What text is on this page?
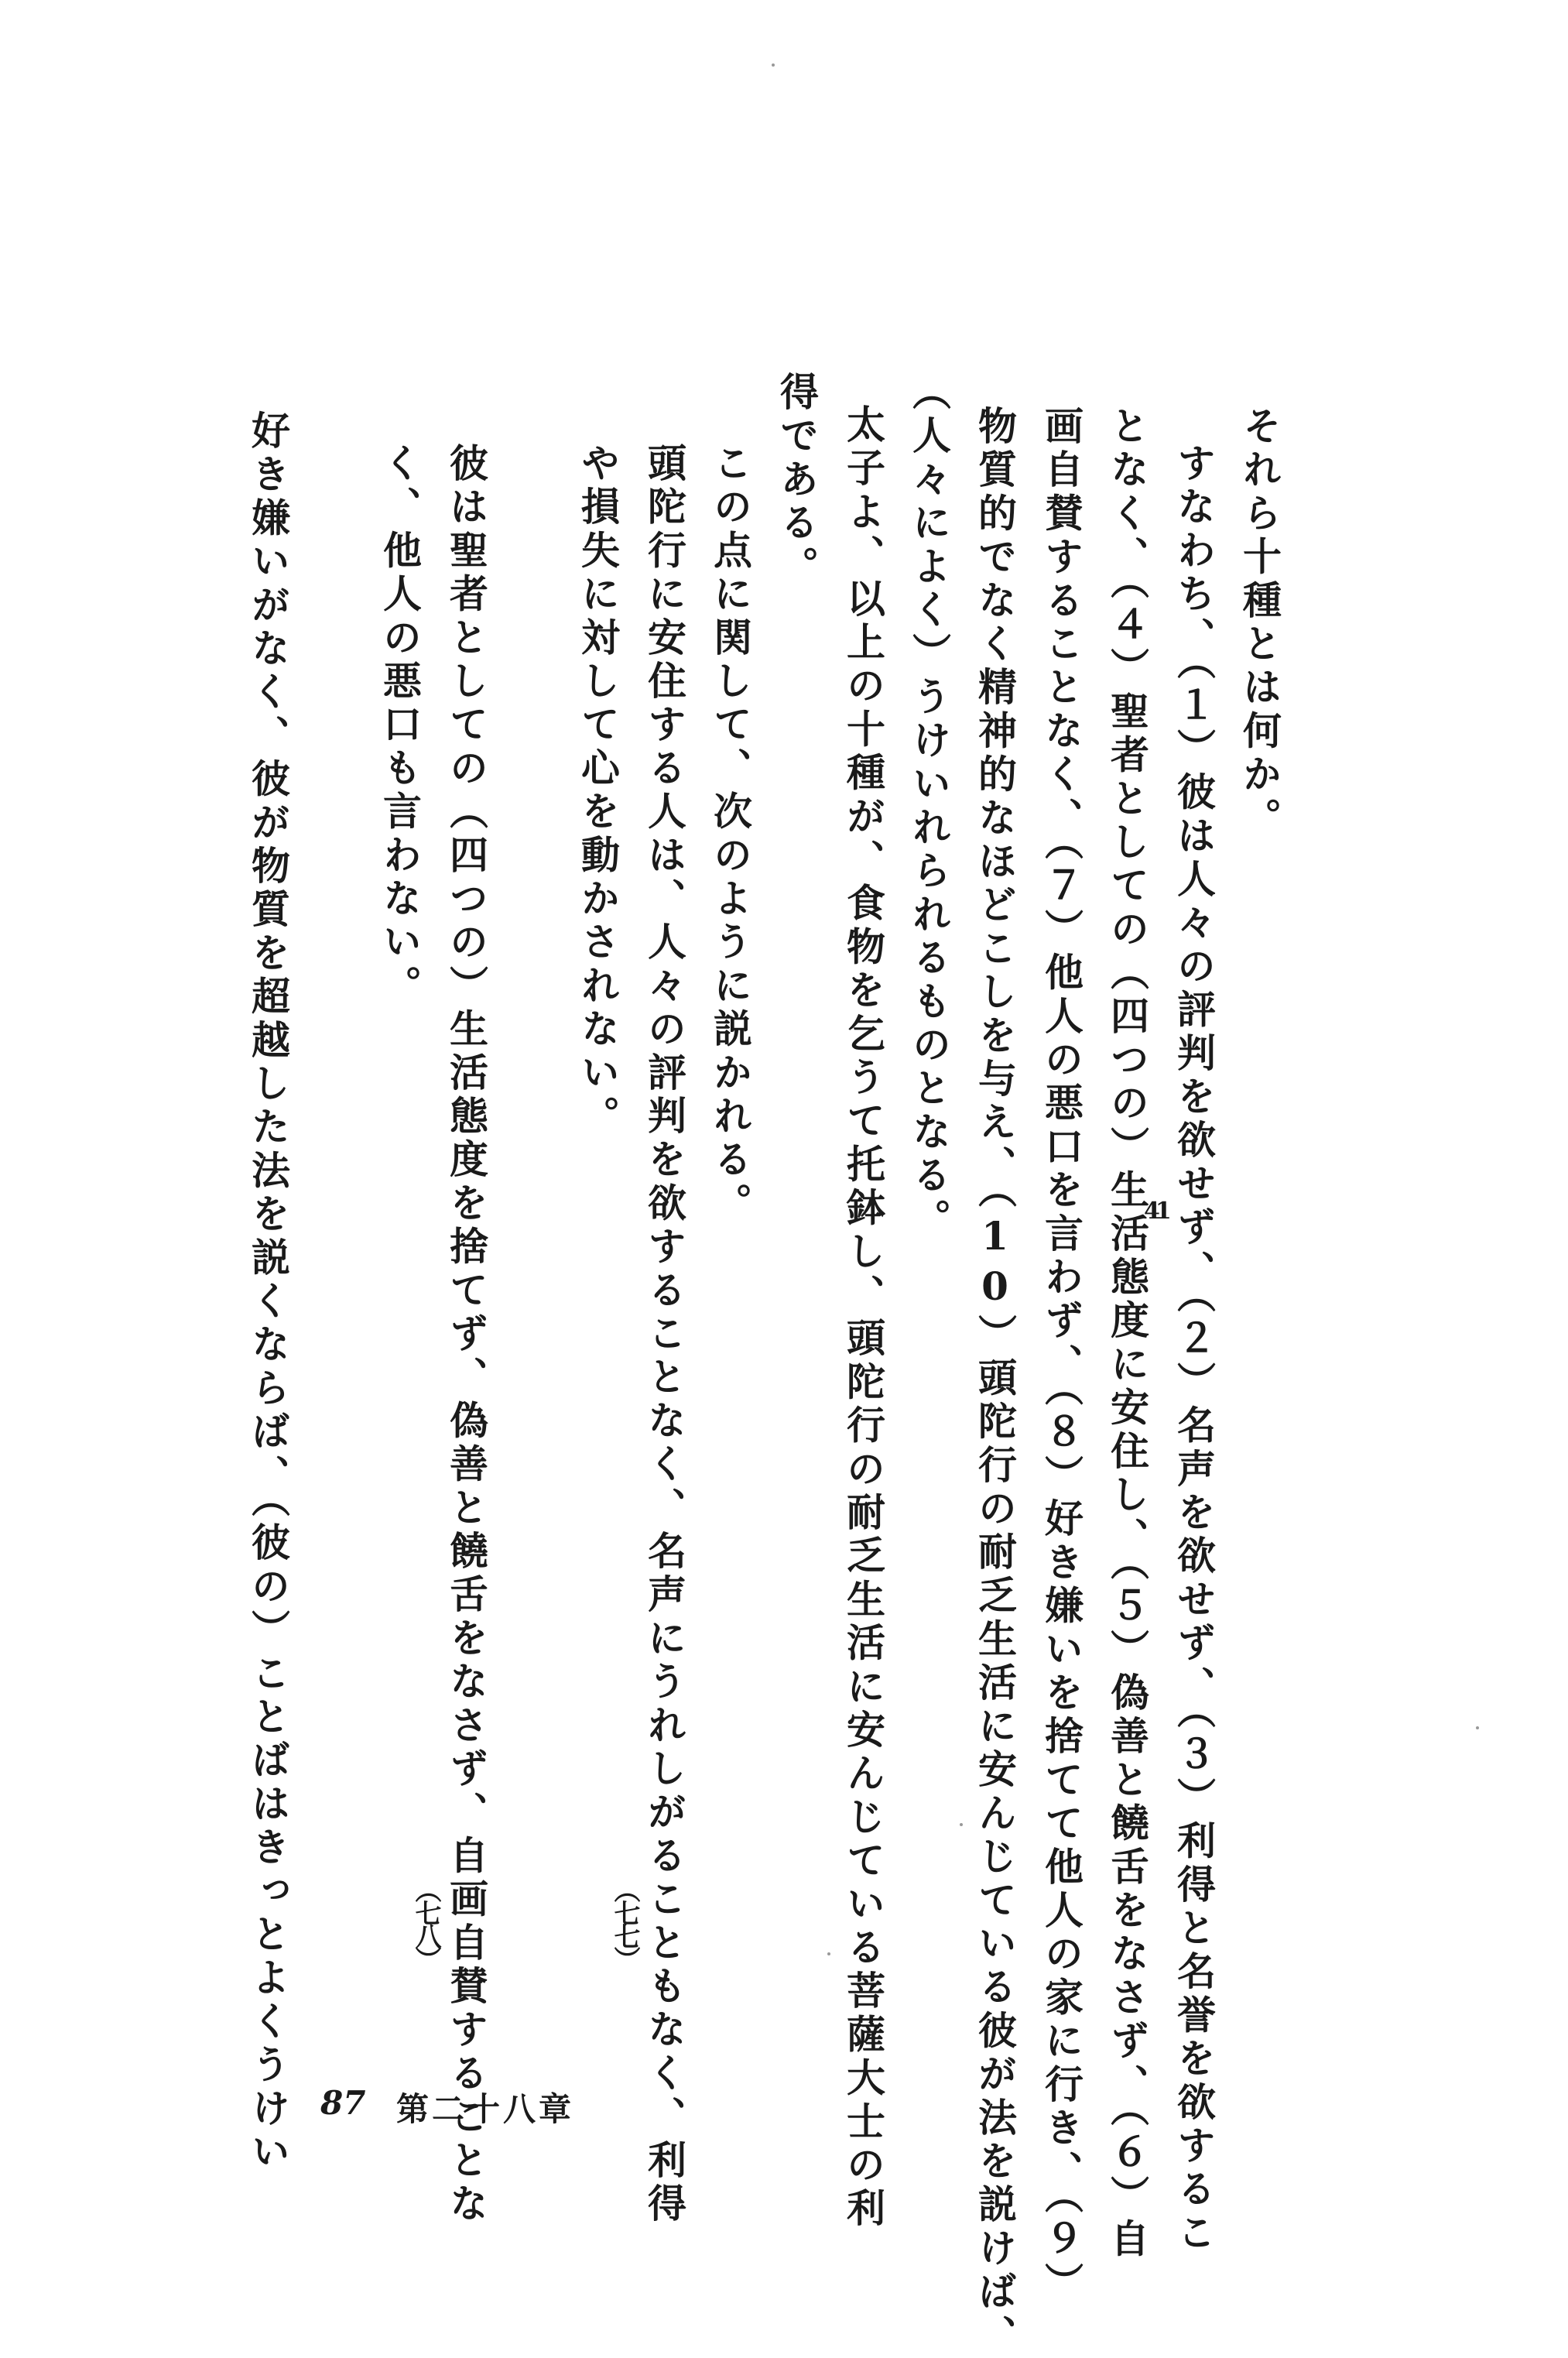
それら十種とは何か。
すなわち、（１）彼は人々の評判を欲せず、（２）名声を欲せず、（３）利得と名誉を欲するこ
となく、（４）聖者としての（四つの）生活態度に安住し、（５）偽善と饒舌をなさず、（６）自
画自賛することなく、（７）他人の悪口を言わず、（８）好き嫌いを捨てて他人の家に行き、（９）
物質的でなく精神的なほどこしを与え、（10）頭陀行の耐乏生活に安んじている彼が法を説けば、
（人々によく）うけいれられるものとなる。
太子よ、以上の十種が、食物を乞うて托鉢し、頭陀行の耐乏生活に安んじている菩薩大士の利
得である。
この点に関して、次のように説かれる。
頭陀行に安住する人は、人々の評判を欲することなく、名声にうれしがることもなく、利得
や損失に対して心を動かされない。
彼は聖者としての（四つの）生活態度を捨てず、偽善と饒舌をなさず、自画自賛することな
く、他人の悪口も言わない。
好き嫌いがなく、彼が物質を超越した法を説くならば、（彼の）ことばはきっとよくうけい	41
（七七）
（七八）
87 第二十八章
